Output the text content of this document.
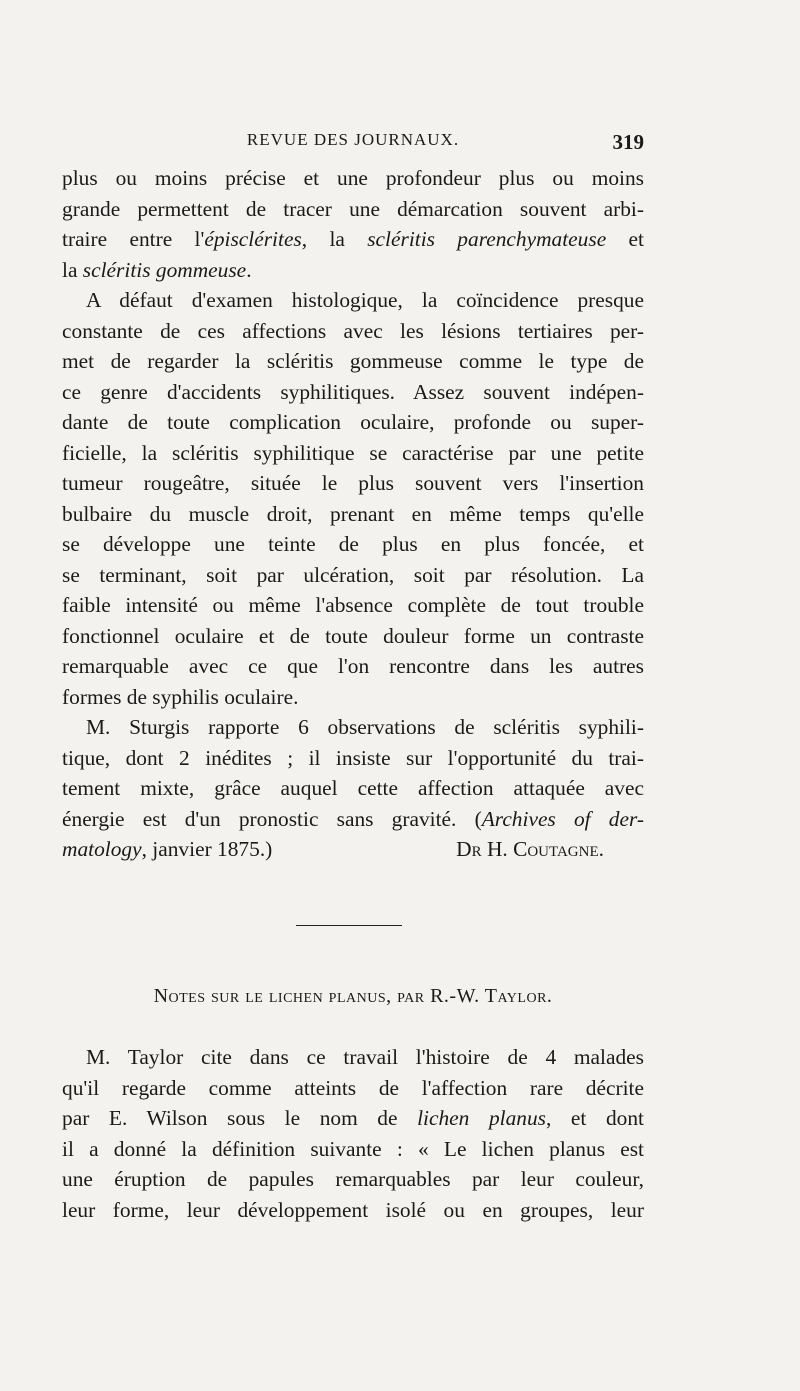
REVUE DES JOURNAUX.	319
plus ou moins précise et une profondeur plus ou moins
grande permettent de tracer une démarcation souvent arbi-
traire entre l'épisclérites, la scléritis parenchymateuse et
la scléritis gommeuse.
A défaut d'examen histologique, la coïncidence presque
constante de ces affections avec les lésions tertiaires per-
met de regarder la scléritis gommeuse comme le type de
ce genre d'accidents syphilitiques. Assez souvent indépen-
dante de toute complication oculaire, profonde ou super-
ficielle, la scléritis syphilitique se caractérise par une petite
tumeur rougeâtre, située le plus souvent vers l'insertion
bulbaire du muscle droit, prenant en même temps qu'elle
se développe une teinte de plus en plus foncée, et
se terminant, soit par ulcération, soit par résolution. La
faible intensité ou même l'absence complète de tout trouble
fonctionnel oculaire et de toute douleur forme un contraste
remarquable avec ce que l'on rencontre dans les autres
formes de syphilis oculaire.
M. Sturgis rapporte 6 observations de scléritis syphili-
tique, dont 2 inédites ; il insiste sur l'opportunité du trai-
tement mixte, grâce auquel cette affection attaquée avec
énergie est d'un pronostic sans gravité. (Archives of der-
matology, janvier 1875.)	Dr H. Coutagne.
Notes sur le lichen planus, par R.-W. Taylor.
M. Taylor cite dans ce travail l'histoire de 4 malades
qu'il regarde comme atteints de l'affection rare décrite
par E. Wilson sous le nom de lichen planus, et dont
il a donné la définition suivante : « Le lichen planus est
une éruption de papules remarquables par leur couleur,
leur forme, leur développement isolé ou en groupes, leur
